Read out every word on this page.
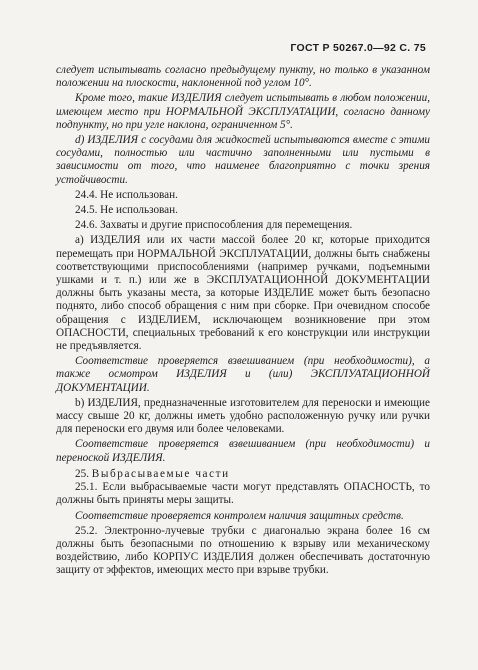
ГОСТ Р 50267.0—92 С. 75

следует испытывать согласно предыдущему пункту, но только в указанном положении на плоскости, наклоненной под углом 10°.

Кроме того, такие ИЗДЕЛИЯ следует испытывать в любом положении, имеющем место при НОРМАЛЬНОЙ ЭКСПЛУАТАЦИИ, согласно данному подпункту, но при угле наклона, ограниченном 5°.

d) ИЗДЕЛИЯ с сосудами для жидкостей испытываются вместе с этими сосудами, полностью или частично заполненными или пустыми в зависимости от того, что наименее благоприятно с точки зрения устойчивости.

24.4. Не использован.

24.5. Не использован.

24.6. Захваты и другие приспособления для перемещения.

а) ИЗДЕЛИЯ или их части массой более 20 кг, которые приходится перемещать при НОРМАЛЬНОЙ ЭКСПЛУАТАЦИИ, должны быть снабжены соответствующими приспособлениями (например ручками, подъемными ушками и т. п.) или же в ЭКСПЛУАТАЦИОННОЙ ДОКУМЕНТАЦИИ должны быть указаны места, за которые ИЗДЕЛИЕ может быть безопасно поднято, либо способ обращения с ним при сборке. При очевидном способе обращения с ИЗДЕЛИЕМ, исключающем возникновение при этом ОПАСНОСТИ, специальных требований к его конструкции или инструкции не предъявляется.

Соответствие проверяется взвешиванием (при необходимости), а также осмотром ИЗДЕЛИЯ и (или) ЭКСПЛУАТАЦИОННОЙ ДОКУМЕНТАЦИИ.

b) ИЗДЕЛИЯ, предназначенные изготовителем для переноски и имеющие массу свыше 20 кг, должны иметь удобно расположенную ручку или ручки для переноски его двумя или более человеками.

Соответствие проверяется взвешиванием (при необходимости) и переноской ИЗДЕЛИЯ.

25. Выбрасываемые части

25.1. Если выбрасываемые части могут представлять ОПАСНОСТЬ, то должны быть приняты меры защиты.

Соответствие проверяется контролем наличия защитных средств.

25.2. Электронно-лучевые трубки с диагональю экрана более 16 см должны быть безопасными по отношению к взрыву или механическому воздействию, либо КОРПУС ИЗДЕЛИЯ должен обеспечивать достаточную защиту от эффектов, имеющих место при взрыве трубки.
